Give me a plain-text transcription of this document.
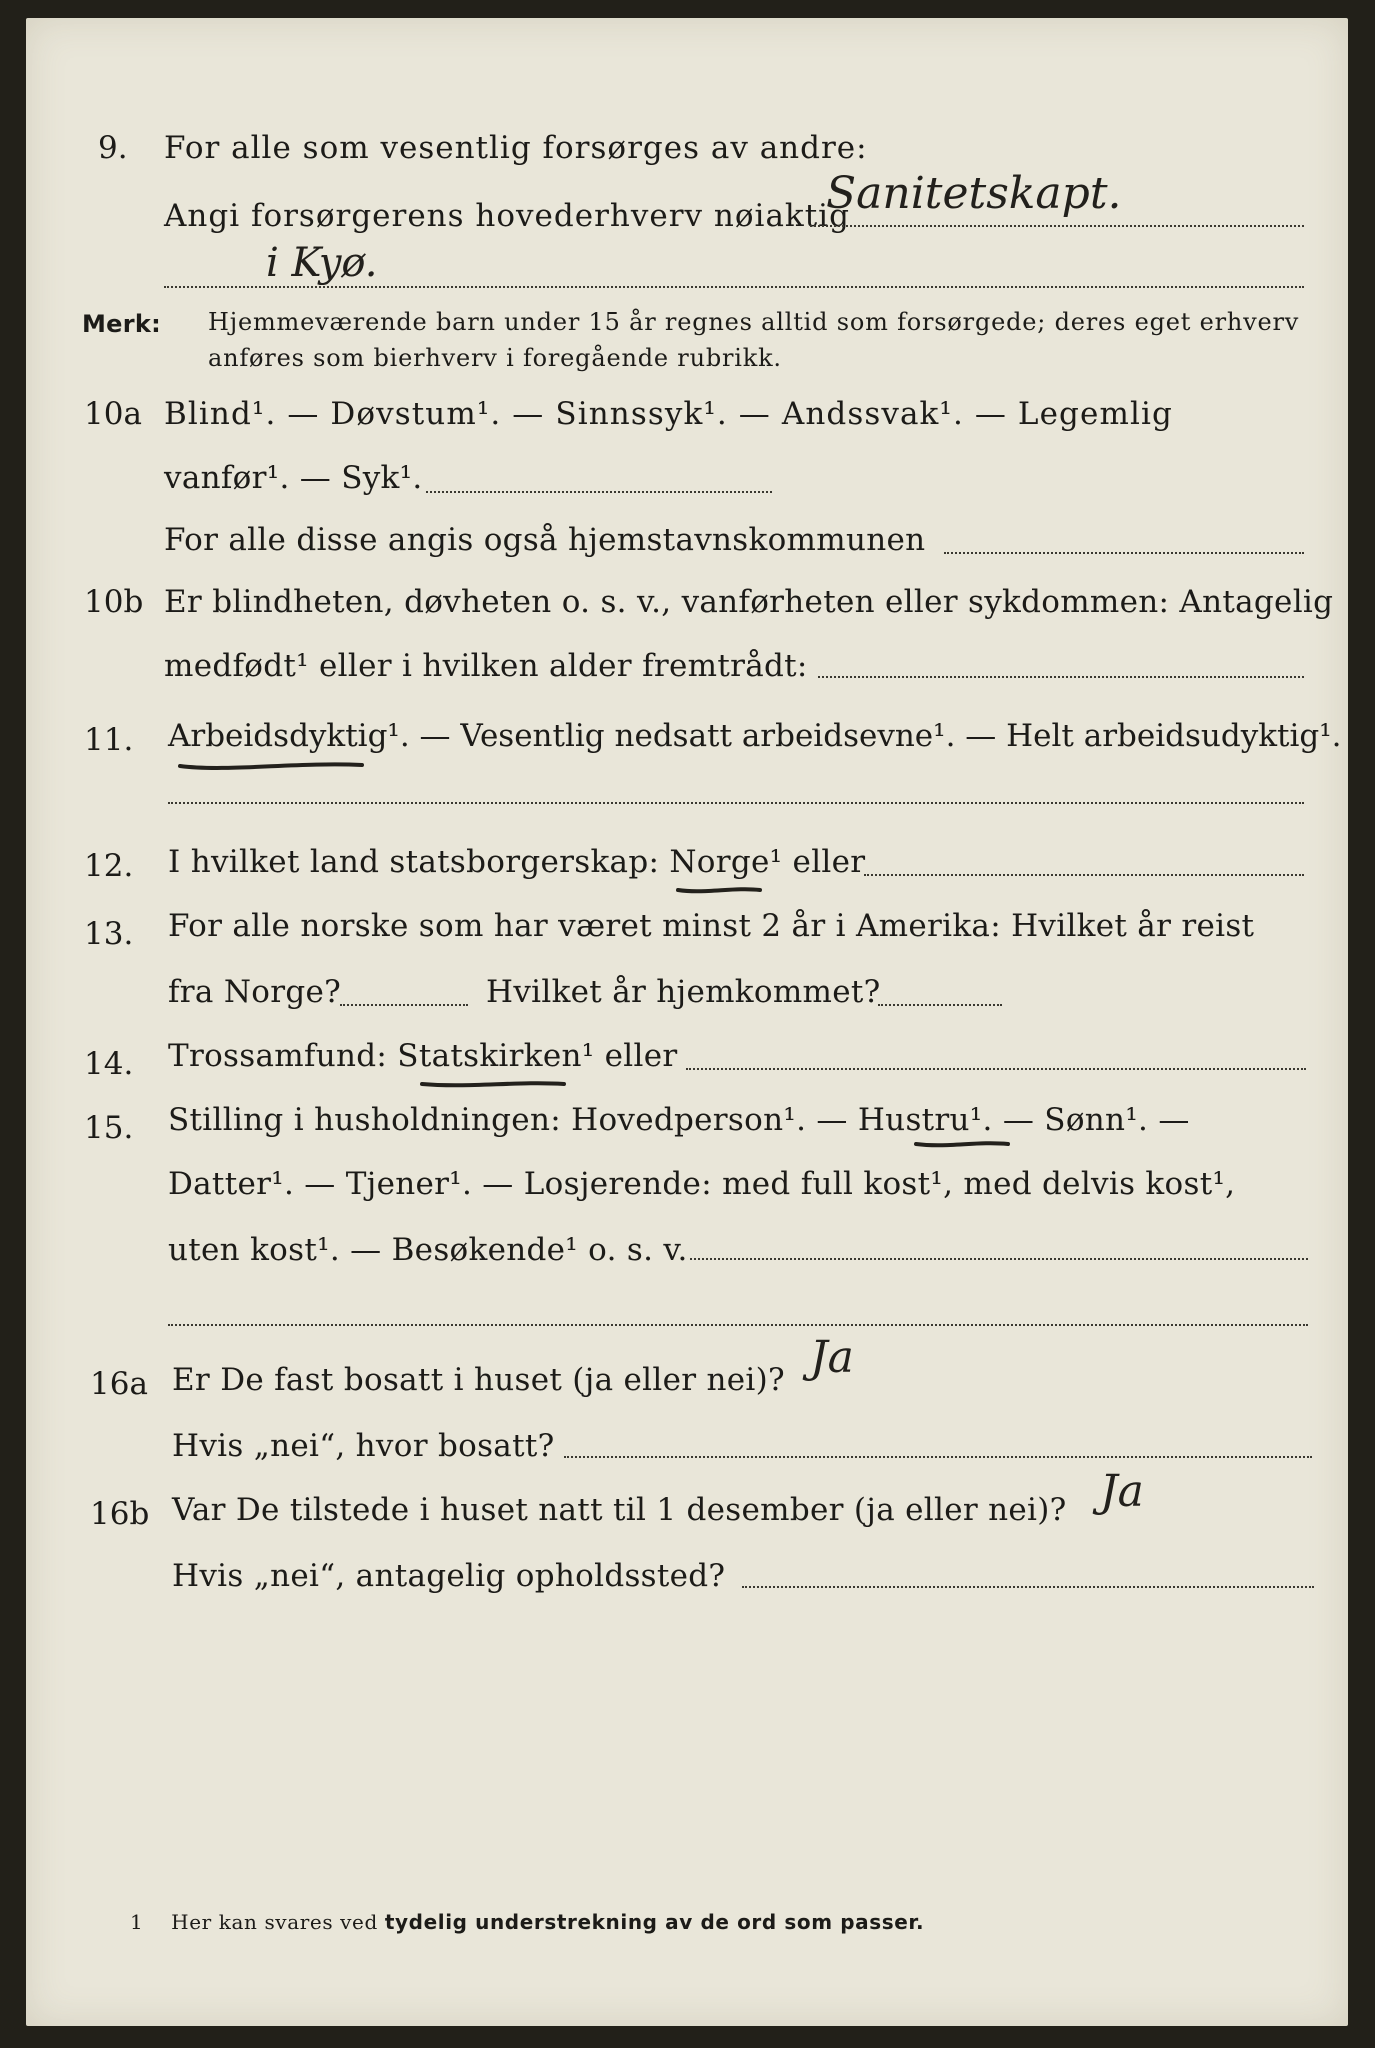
9. For alle som vesentlig forsørges av andre:
Angi forsørgerens hovederhverv nøiaktig
Sanitetskapt.
i Kyø.
Merk: Hjemmeværende barn under 15 år regnes alltid som forsørgede; deres eget erhverv
anføres som bierhverv i foregående rubrikk.
10a Blind¹. — Døvstum¹. — Sinnssyk¹. — Andssvak¹. — Legemlig
vanfør¹. — Syk¹.
For alle disse angis også hjemstavnskommunen
10b Er blindheten, døvheten o. s. v., vanførheten eller sykdommen: Antagelig
medfødt¹ eller i hvilken alder fremtrådt:
11. Arbeidsdyktig¹. — Vesentlig nedsatt arbeidsevne¹. — Helt arbeidsudyktig¹.
12. I hvilket land statsborgerskap: Norge¹ eller
13. For alle norske som har været minst 2 år i Amerika: Hvilket år reist
fra Norge?	Hvilket år hjemkommet?
14. Trossamfund: Statskirken¹ eller
15. Stilling i husholdningen: Hovedperson¹. — Hustru¹. — Sønn¹. —
Datter¹. — Tjener¹. — Losjerende: med full kost¹, med delvis kost¹,
uten kost¹. — Besøkende¹ o. s. v.
16a Er De fast bosatt i huset (ja eller nei)? Ja
Hvis „nei“, hvor bosatt?
16b Var De tilstede i huset natt til 1 desember (ja eller nei)? Ja
Hvis „nei“, antagelig opholdssted?
1 Her kan svares ved tydelig understrekning av de ord som passer.
